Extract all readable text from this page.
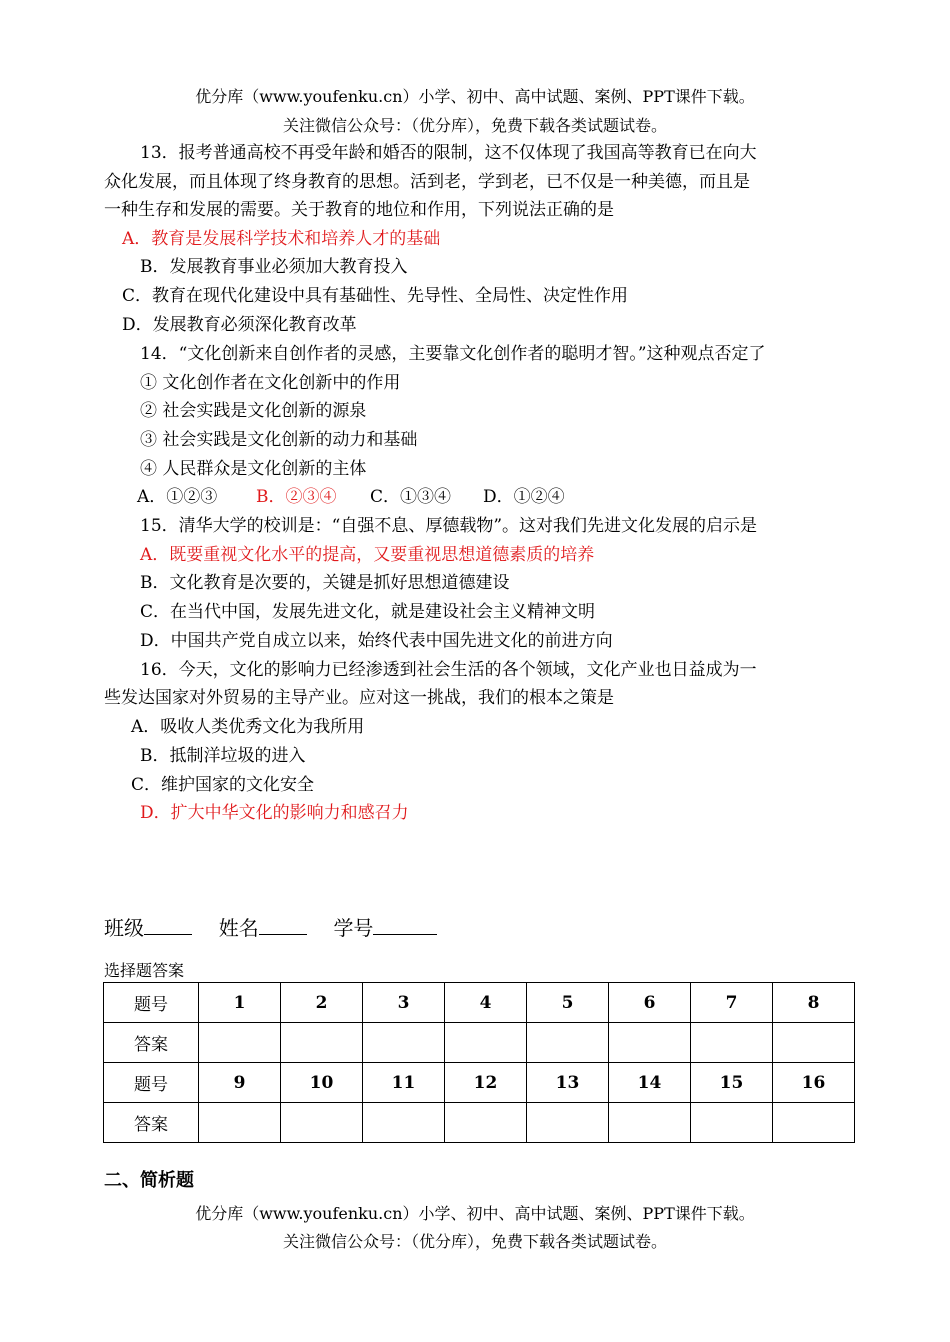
优分库（www.youfenku.cn）小学、初中、高中试题、案例、PPT课件下载。
关注微信公众号：（优分库），免费下载各类试题试卷。
13．报考普通高校不再受年龄和婚否的限制，这不仅体现了我国高等教育已在向大
众化发展，而且体现了终身教育的思想。活到老，学到老，已不仅是一种美德，而且是
一种生存和发展的需要。关于教育的地位和作用，下列说法正确的是
A．教育是发展科学技术和培养人才的基础
B．发展教育事业必须加大教育投入
C．教育在现代化建设中具有基础性、先导性、全局性、决定性作用
D．发展教育必须深化教育改革
14．“文化创新来自创作者的灵感，主要靠文化创作者的聪明才智。”这种观点否定了
① 文化创作者在文化创新中的作用
② 社会实践是文化创新的源泉
③ 社会实践是文化创新的动力和基础
④ 人民群众是文化创新的主体
A．①②③ B．②③④ C．①③④ D．①②④
15．清华大学的校训是：“自强不息、厚德载物”。这对我们先进文化发展的启示是
A．既要重视文化水平的提高，又要重视思想道德素质的培养
B．文化教育是次要的，关键是抓好思想道德建设
C．在当代中国，发展先进文化，就是建设社会主义精神文明
D．中国共产党自成立以来，始终代表中国先进文化的前进方向
16．今天，文化的影响力已经渗透到社会生活的各个领域，文化产业也日益成为一
些发达国家对外贸易的主导产业。应对这一挑战，我们的根本之策是
A．吸收人类优秀文化为我所用
B．抵制洋垃圾的进入
C．维护国家的文化安全
D．扩大中华文化的影响力和感召力
班级	姓名	学号
选择题答案
题号	1	2	3	4	5	6	7	8
答案								
题号	9	10	11	12	13	14	15	16
答案								
二、简析题
优分库（www.youfenku.cn）小学、初中、高中试题、案例、PPT课件下载。
关注微信公众号：（优分库），免费下载各类试题试卷。
